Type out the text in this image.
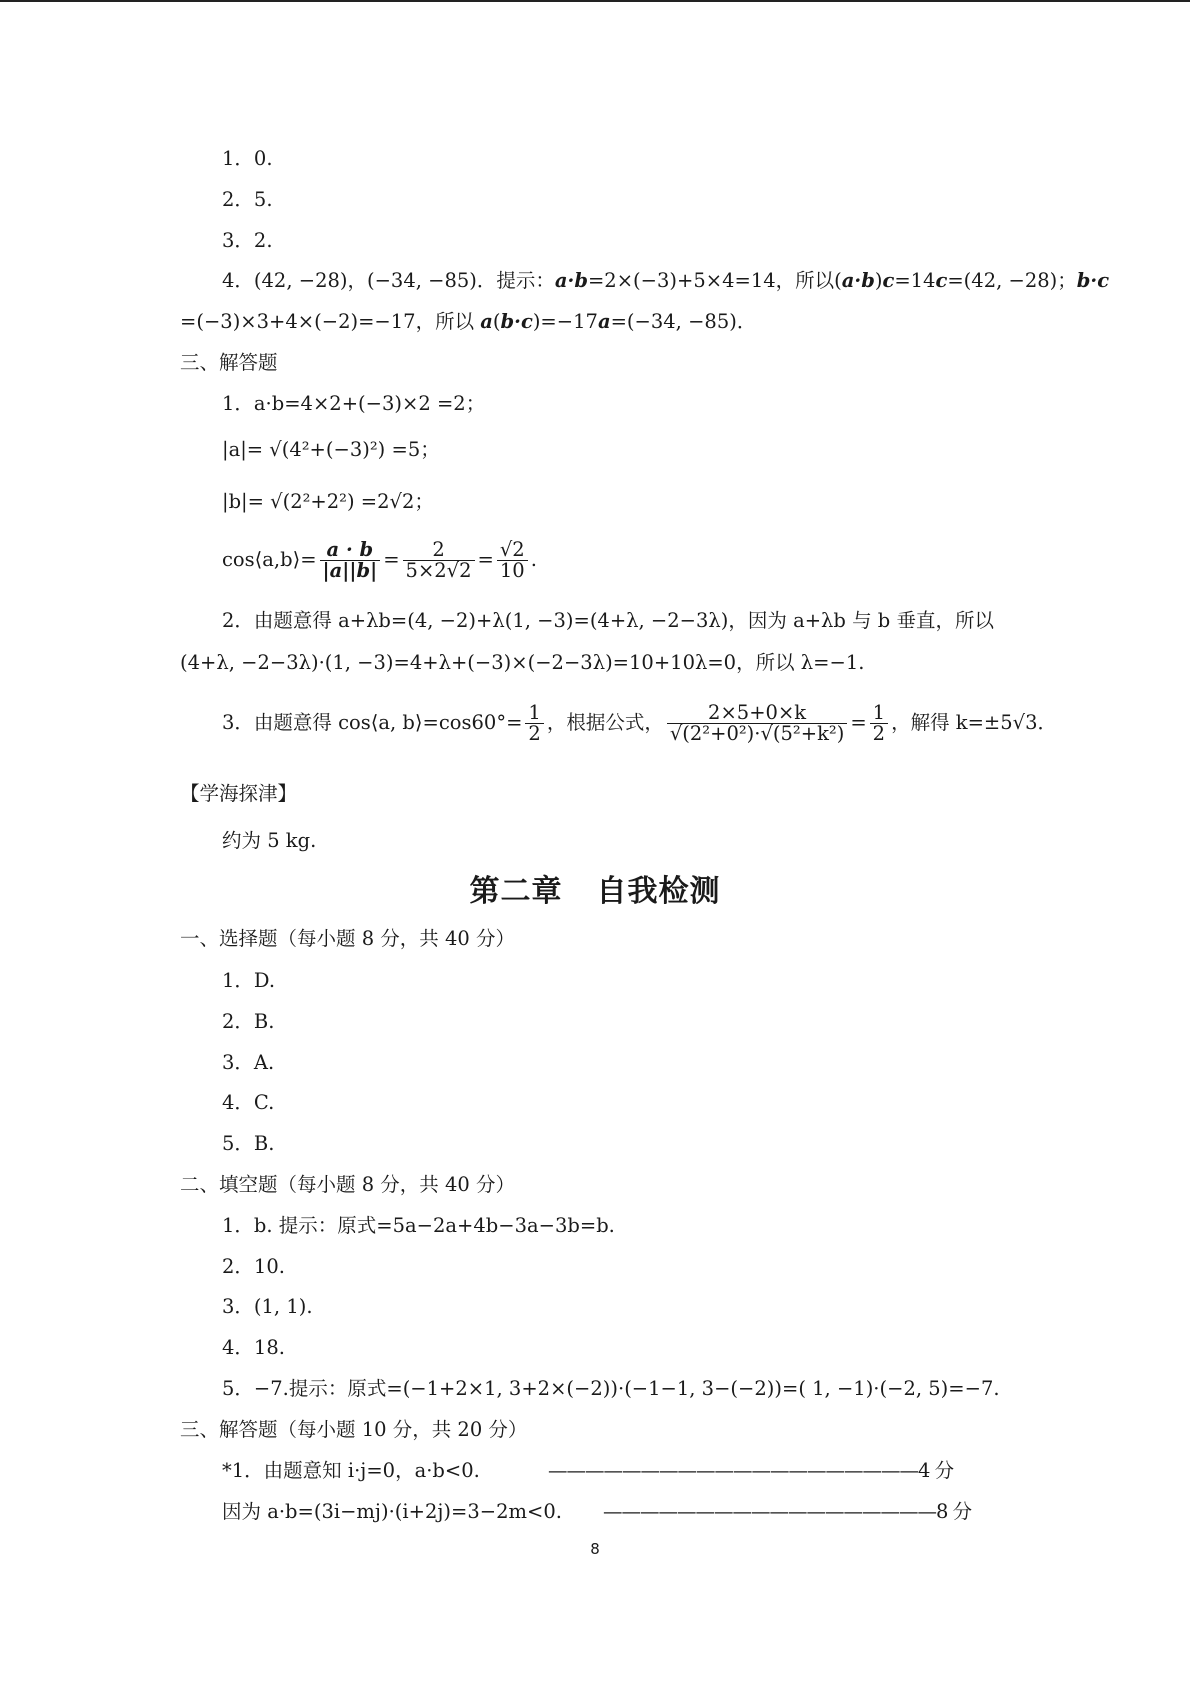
1．0.
2．5.
3．2.
4．(42, −28)，(−34, −85)．提示：a·b=2×(−3)+5×4=14，所以(a·b)c=14c=(42, −28)；b·c
=(−3)×3+4×(−2)=−17，所以 a(b·c)=−17a=(−34, −85)．
三、解答题
1．a·b=4×2+(−3)×2 =2；
|a|= √(4²+(−3)²) =5；
|b|= √(2²+2²) =2√2；
cos⟨a,b⟩= $\frac{a \cdot b}{|a||b|} = \frac{2}{5\times 2√2} = \frac{√2}{10}$ .
2．由题意得 a+λb=(4, −2)+λ(1, −3)=(4+λ, −2−3λ)，因为 a+λb 与 b 垂直，所以
(4+λ, −2−3λ)·(1, −3)=4+λ+(−3)×(−2−3λ)=10+10λ=0，所以 λ=−1.
3．由题意得 cos⟨a, b⟩=cos60°= $\frac{1}{2}$ ，根据公式， $\frac{2\times 5+0\times k}{\text{√(2²+0²)·√(5²+k²)}} = \frac{1}{2}$ ，解得 k=±5√3．
【学海探津】
约为 5 kg.
第二章 自我检测
一、选择题（每小题 8 分，共 40 分）
1．D.
2．B.
3．A.
4．C.
5．B.
二、填空题（每小题 8 分，共 40 分）
1．b. 提示：原式=5a−2a+4b−3a−3b=b.
2．10.
3．(1, 1).
4．18.
5．−7.提示：原式=(−1+2×1, 3+2×(−2))·(−1−1, 3−(−2))=( 1, −1)·(−2, 5)=−7.
三、解答题（每小题 10 分，共 20 分）
*1．由题意知 i·j=0，a·b<0.	————————————————————4 分
因为 a·b=(3i−mj)·(i+2j)=3−2m<0. ——————————————————8 分
8
